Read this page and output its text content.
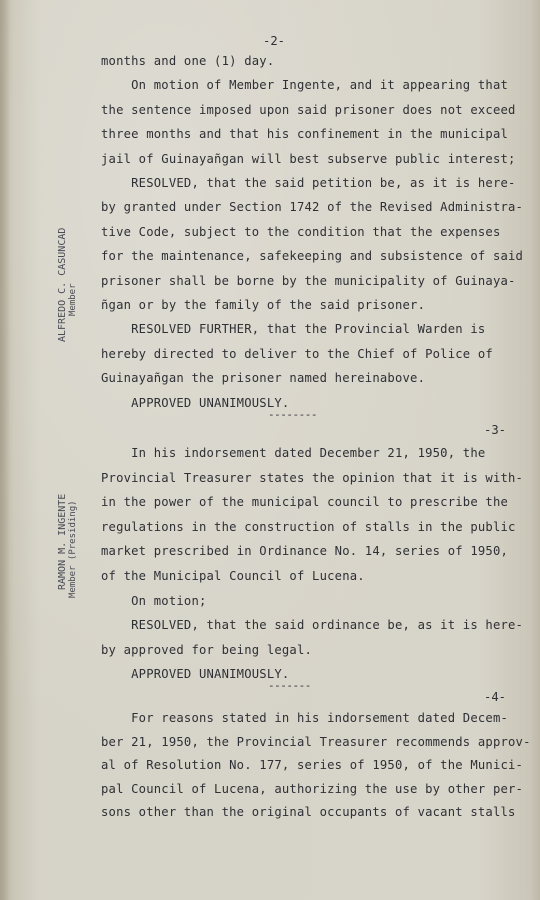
-2-
months and one (1) day.
On motion of Member Ingente, and it appearing that
the sentence imposed upon said prisoner does not exceed
three months and that his confinement in the municipal
jail of Guinayañgan will best subserve public interest;
RESOLVED, that the said petition be, as it is here-
by granted under Section 1742 of the Revised Administra-
tive Code, subject to the condition that the expenses
for the maintenance, safekeeping and subsistence of said
prisoner shall be borne by the municipality of Guinaya-
ñgan or by the family of the said prisoner.
RESOLVED FURTHER, that the Provincial Warden is
hereby directed to deliver to the Chief of Police of
Guinayañgan the prisoner named hereinabove.
APPROVED UNANIMOUSLY.
--------
-3-
In his indorsement dated December 21, 1950, the
Provincial Treasurer states the opinion that it is with-
in the power of the municipal council to prescribe the
regulations in the construction of stalls in the public
market prescribed in Ordinance No. 14, series of 1950,
of the Municipal Council of Lucena.
On motion;
RESOLVED, that the said ordinance be, as it is here-
by approved for being legal.
APPROVED UNANIMOUSLY.
-------
-4-
For reasons stated in his indorsement dated Decem-
ber 21, 1950, the Provincial Treasurer recommends approv-
al of Resolution No. 177, series of 1950, of the Munici-
pal Council of Lucena, authorizing the use by other per-
sons other than the original occupants of vacant stalls
ALFREDO C. CASUNCAD Member
RAMON M. INGENTE Member (Presiding)
